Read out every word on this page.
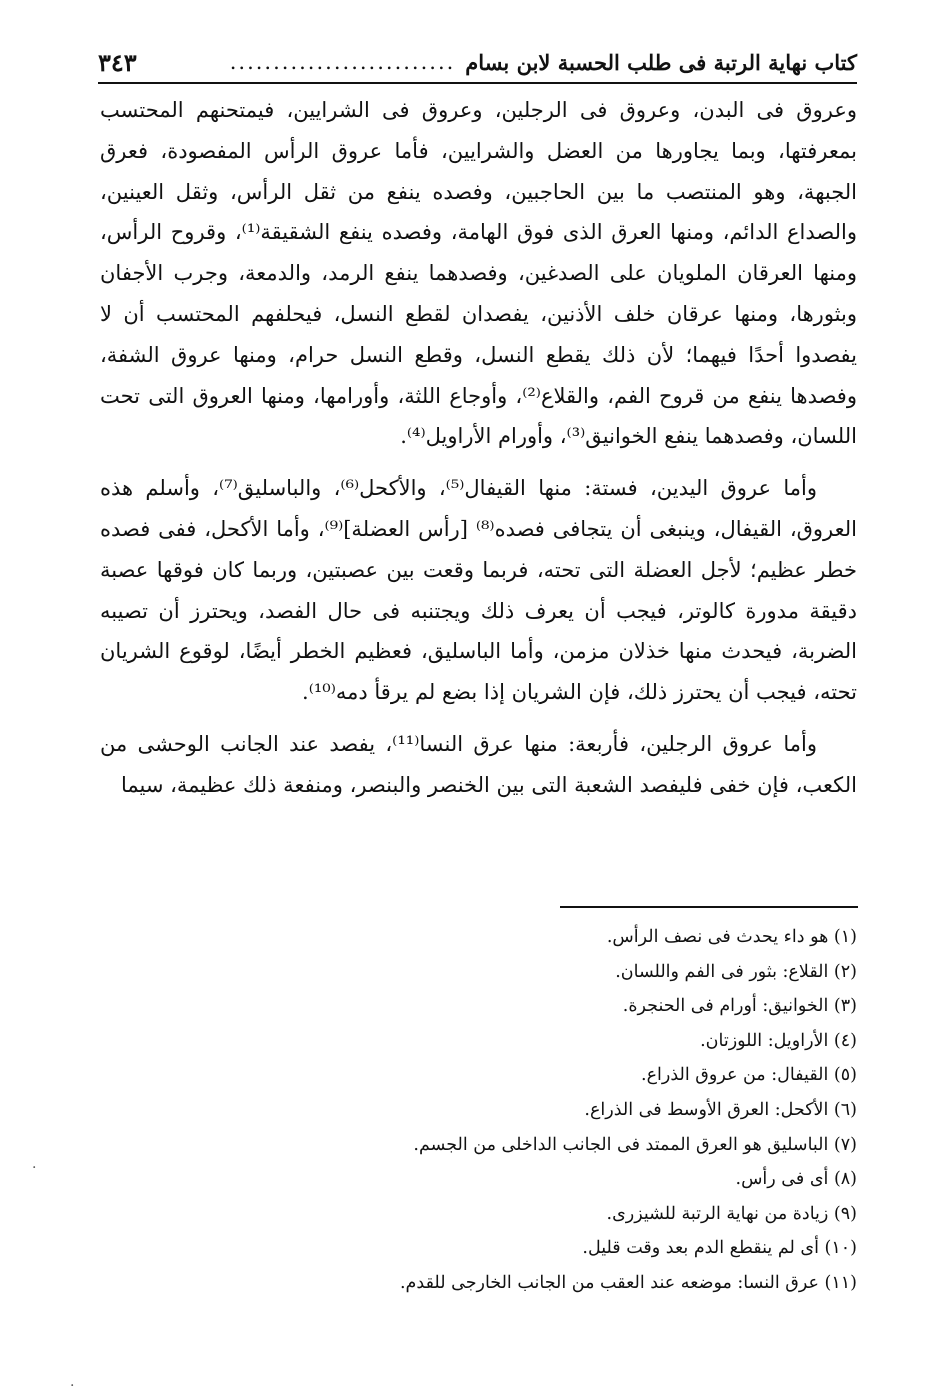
كتاب نهاية الرتبة فى طلب الحسبة لابن بسام
..........................
٣٤٣

وعروق فى البدن، وعروق فى الرجلين، وعروق فى الشرايين، فيمتحنهم المحتسب بمعرفتها، وبما يجاورها من العضل والشرايين، فأما عروق الرأس المفصودة، فعرق الجبهة، وهو المنتصب ما بين الحاجبين، وفصده ينفع من ثقل الرأس، وثقل العينين، والصداع الدائم، ومنها العرق الذى فوق الهامة، وفصده ينفع الشقيقة⁽¹⁾، وقروح الرأس، ومنها العرقان الملويان على الصدغين، وفصدهما ينفع الرمد، والدمعة، وجرب الأجفان وبثورها، ومنها عرقان خلف الأذنين، يفصدان لقطع النسل، فيحلفهم المحتسب أن لا يفصدوا أحدًا فيهما؛ لأن ذلك يقطع النسل، وقطع النسل حرام، ومنها عروق الشفة، وفصدها ينفع من قروح الفم، والقلاع⁽²⁾، وأوجاع اللثة، وأورامها، ومنها العروق التى تحت اللسان، وفصدهما ينفع الخوانيق⁽³⁾، وأورام الأراويل⁽⁴⁾.

وأما عروق اليدين، فستة: منها القيفال⁽⁵⁾، والأكحل⁽⁶⁾، والباسليق⁽⁷⁾، وأسلم هذه العروق، القيفال، وينبغى أن يتجافى فصده⁽⁸⁾ [رأس العضلة]⁽⁹⁾، وأما الأكحل، ففى فصده خطر عظيم؛ لأجل العضلة التى تحته، فربما وقعت بين عصبتين، وربما كان فوقها عصبة دقيقة مدورة كالوتر، فيجب أن يعرف ذلك ويجتنبه فى حال الفصد، ويحترز أن تصيبه الضربة، فيحدث منها خذلان مزمن، وأما الباسليق، فعظيم الخطر أيضًا، لوقوع الشريان تحته، فيجب أن يحترز ذلك، فإن الشريان إذا بضع لم يرقأ دمه⁽¹⁰⁾.

وأما عروق الرجلين، فأربعة: منها عرق النسا⁽¹¹⁾، يفصد عند الجانب الوحشى من الكعب، فإن خفى فليفصد الشعبة التى بين الخنصر والبنصر، ومنفعة ذلك عظيمة، سيما

(١) هو داء يحدث فى نصف الرأس.
(٢) القلاع: بثور فى الفم واللسان.
(٣) الخوانيق: أورام فى الحنجرة.
(٤) الأراويل: اللوزتان.
(٥) القيفال: من عروق الذراع.
(٦) الأكحل: العرق الأوسط فى الذراع.
(٧) الباسليق هو العرق الممتد فى الجانب الداخلى من الجسم.
(٨) أى فى رأس.
(٩) زيادة من نهاية الرتبة للشيزرى.
(١٠) أى لم ينقطع الدم بعد وقت قليل.
(١١) عرق النسا: موضعه عند العقب من الجانب الخارجى للقدم.
·
·
